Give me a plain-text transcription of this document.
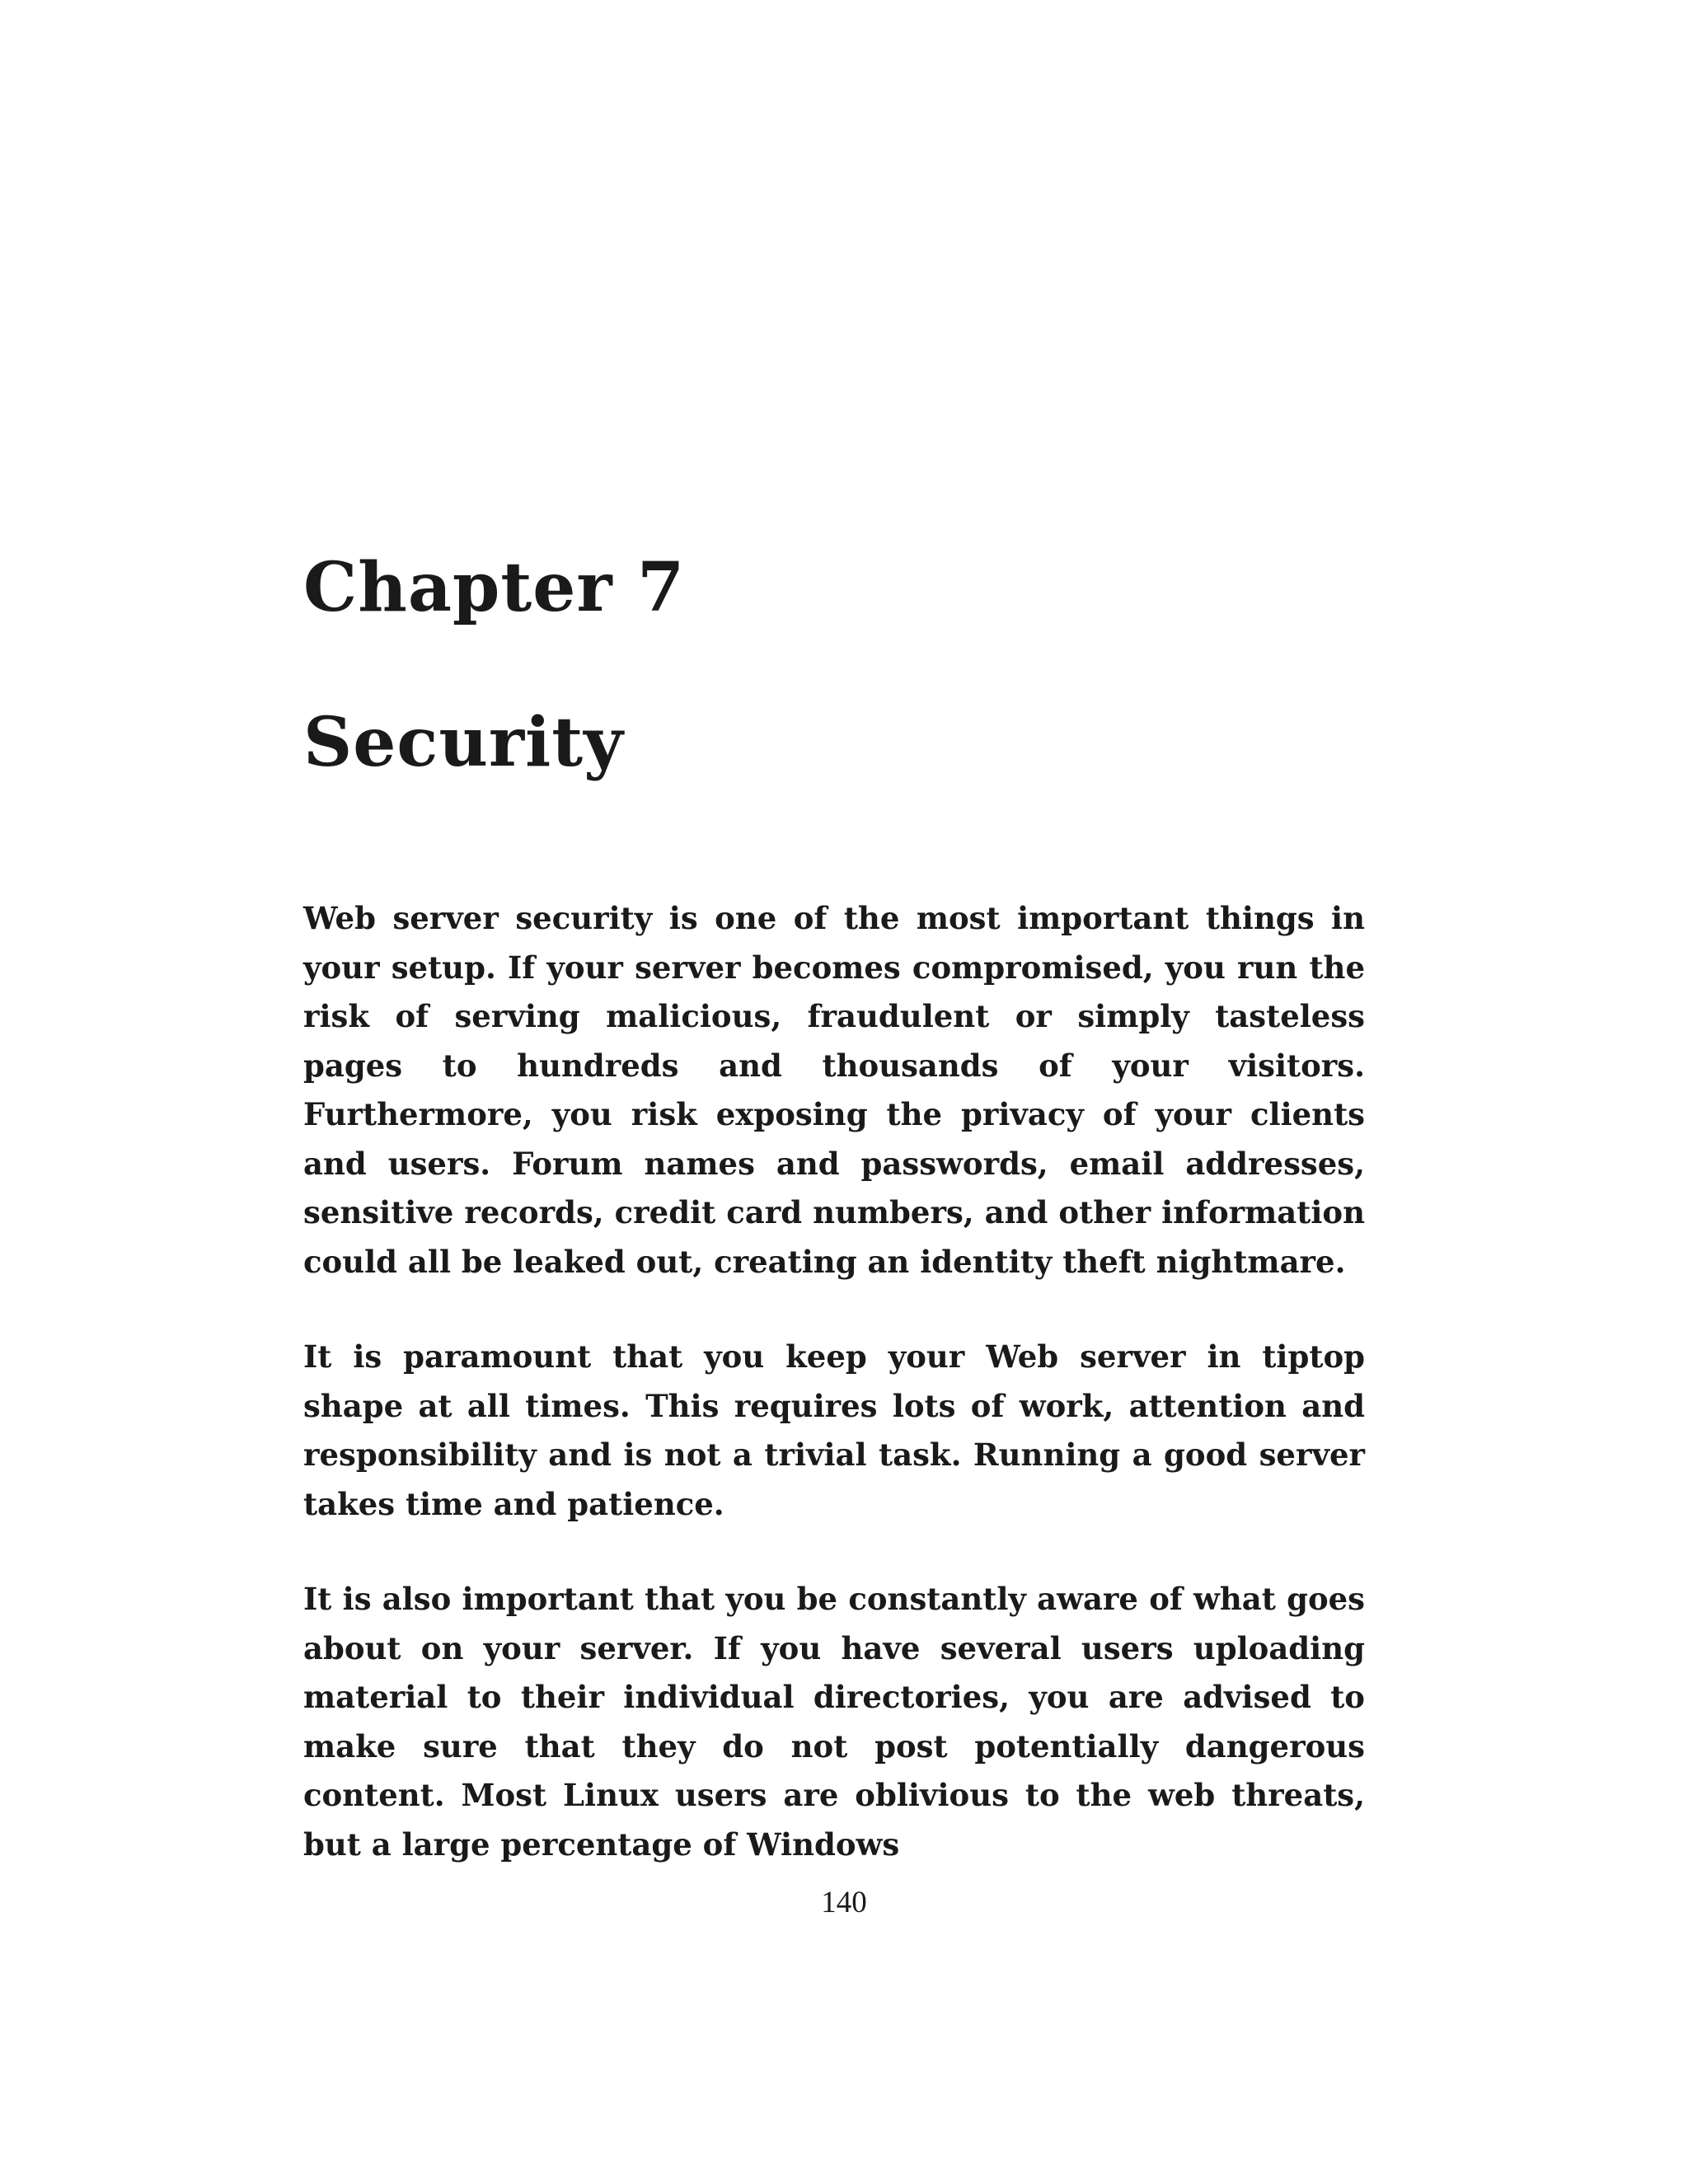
Chapter 7
Security

Web server security is one of the most important things in your setup. If your server becomes compromised, you run the risk of serving malicious, fraudulent or simply tasteless pages to hundreds and thousands of your visitors. Furthermore, you risk exposing the privacy of your clients and users. Forum names and passwords, email addresses, sensitive records, credit card numbers, and other information could all be leaked out, creating an identity theft nightmare.

It is paramount that you keep your Web server in tiptop shape at all times. This requires lots of work, attention and responsibility and is not a trivial task. Running a good server takes time and patience.

It is also important that you be constantly aware of what goes about on your server. If you have several users uploading material to their individual directories, you are advised to make sure that they do not post potentially dangerous content. Most Linux users are oblivious to the web threats, but a large percentage of Windows

140
